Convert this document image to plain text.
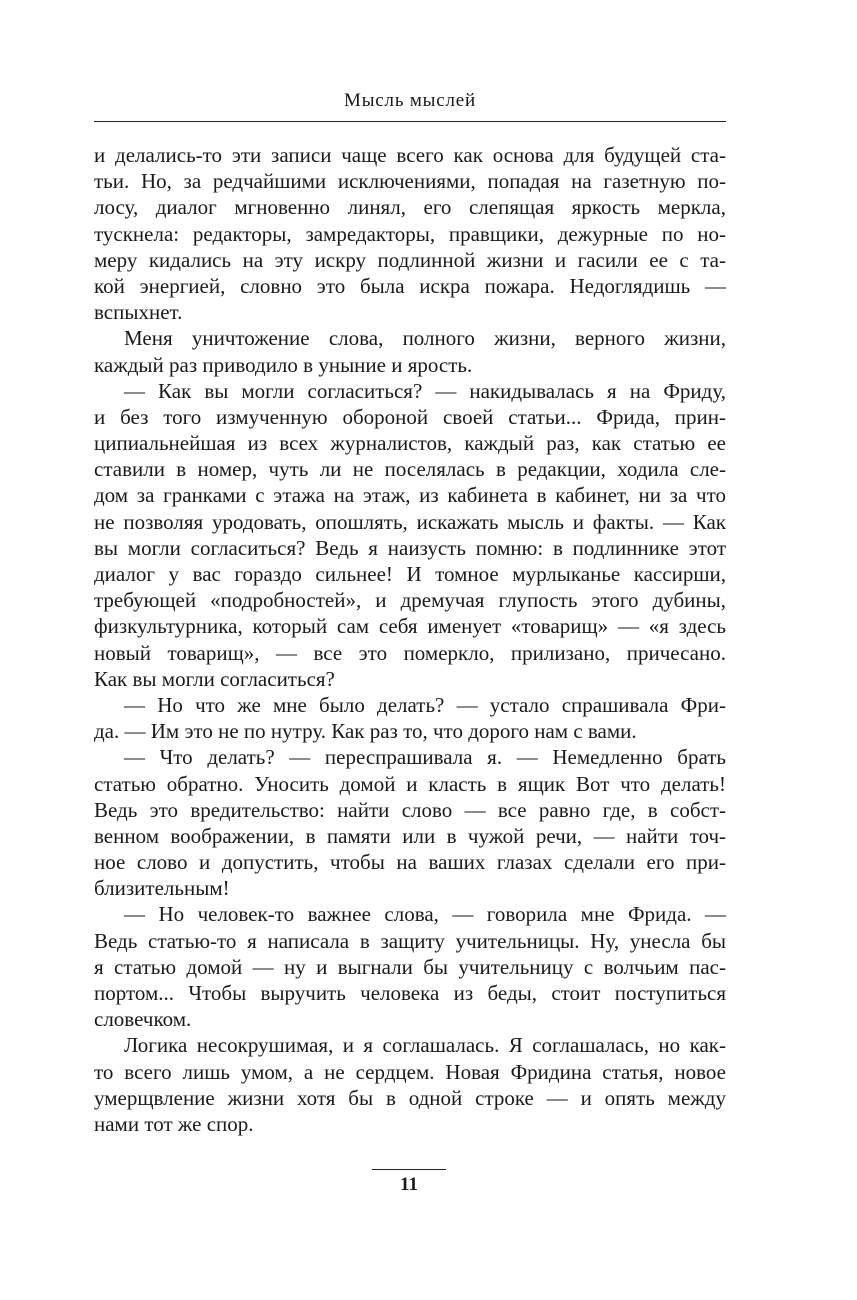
Мысль мыслей
и делались-то эти записи чаще всего как основа для будущей ста-
тьи. Но, за редчайшими исключениями, попадая на газетную по-
лосу, диалог мгновенно линял, его слепящая яркость меркла,
тускнела: редакторы, замредакторы, правщики, дежурные по но-
меру кидались на эту искру подлинной жизни и гасили ее с та-
кой энергией, словно это была искра пожара. Недоглядишь —
вспыхнет.
Меня уничтожение слова, полного жизни, верного жизни,
каждый раз приводило в уныние и ярость.
— Как вы могли согласиться? — накидывалась я на Фриду,
и без того измученную обороной своей статьи... Фрида, прин-
ципиальнейшая из всех журналистов, каждый раз, как статью ее
ставили в номер, чуть ли не поселялась в редакции, ходила сле-
дом за гранками с этажа на этаж, из кабинета в кабинет, ни за что
не позволяя уродовать, опошлять, искажать мысль и факты. — Как
вы могли согласиться? Ведь я наизусть помню: в подлиннике этот
диалог у вас гораздо сильнее! И томное мурлыканье кассирши,
требующей «подробностей», и дремучая глупость этого дубины,
физкультурника, который сам себя именует «товарищ» — «я здесь
новый товарищ», — все это померкло, прилизано, причесано.
Как вы могли согласиться?
— Но что же мне было делать? — устало спрашивала Фри-
да. — Им это не по нутру. Как раз то, что дорого нам с вами.
— Что делать? — переспрашивала я. — Немедленно брать
статью обратно. Уносить домой и класть в ящик Вот что делать!
Ведь это вредительство: найти слово — все равно где, в собст-
венном воображении, в памяти или в чужой речи, — найти точ-
ное слово и допустить, чтобы на ваших глазах сделали его при-
близительным!
— Но человек-то важнее слова, — говорила мне Фрида. —
Ведь статью-то я написала в защиту учительницы. Ну, унесла бы
я статью домой — ну и выгнали бы учительницу с волчьим пас-
портом... Чтобы выручить человека из беды, стоит поступиться
словечком.
Логика несокрушимая, и я соглашалась. Я соглашалась, но как-
то всего лишь умом, а не сердцем. Новая Фридина статья, новое
умерщвление жизни хотя бы в одной строке — и опять между
нами тот же спор.
11
